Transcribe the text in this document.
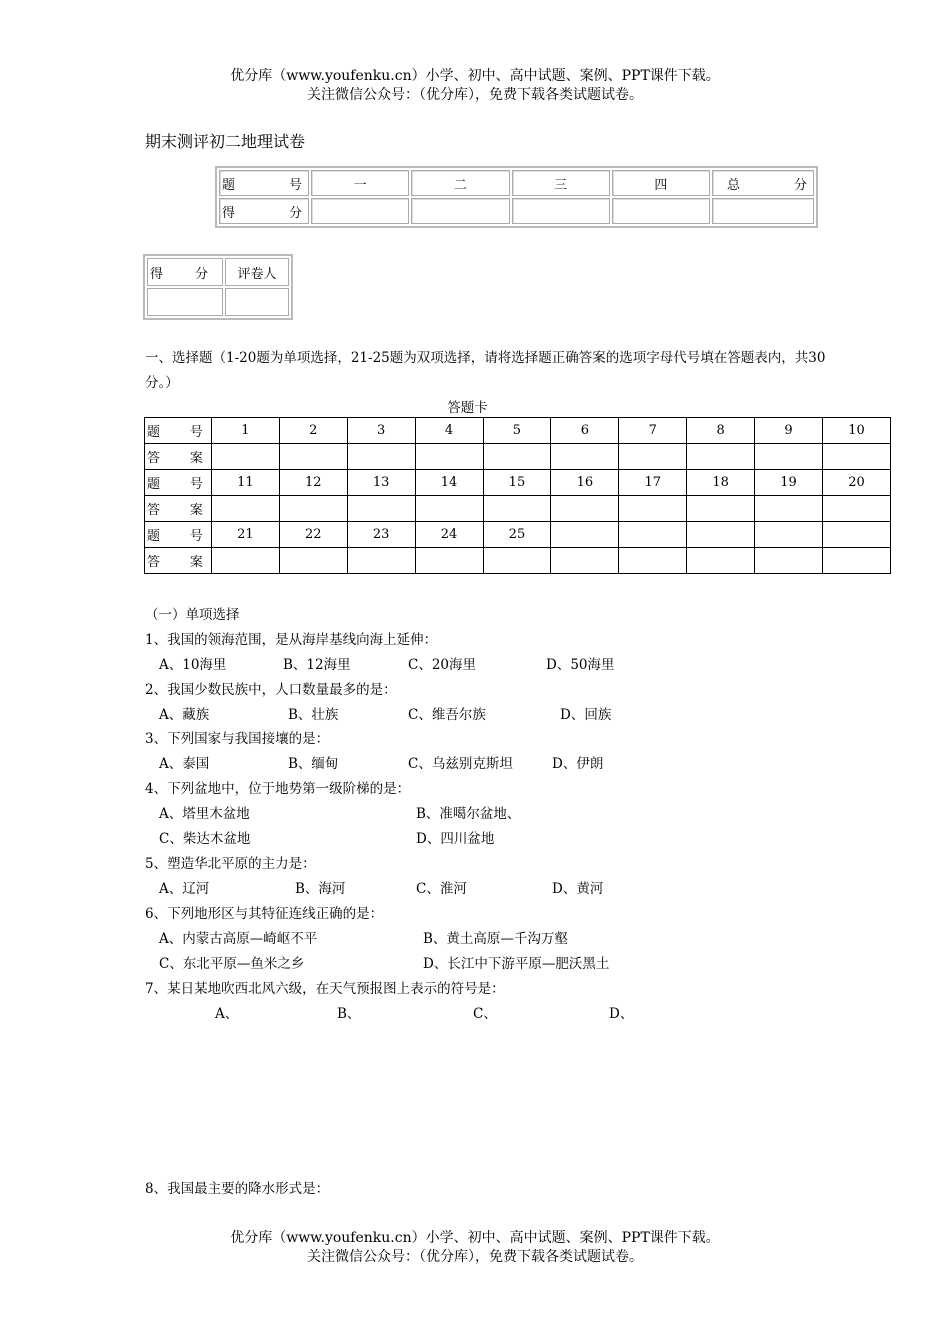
优分库（www.youfenku.cn）小学、初中、高中试题、案例、PPT课件下载。
关注微信公众号：（优分库），免费下载各类试题试卷。
期末测评初二地理试卷
题　号	一	二	三	四	总　分
得　分					
得　分	评卷人

一、选择题（1-20题为单项选择，21-25题为双项选择，请将选择题正确答案的选项字母代号填在答题表内，共30
分。）
答题卡
题　号	1	2	3	4	5	6	7	8	9	10
答　案										
题　号	11	12	13	14	15	16	17	18	19	20
答　案										
题　号	21	22	23	24	25					
答　案										
（一）单项选择
1、我国的领海范围，是从海岸基线向海上延伸：
A、10海里	B、12海里	C、20海里	D、50海里
2、我国少数民族中，人口数量最多的是：
A、藏族	B、壮族	C、维吾尔族	D、回族
3、下列国家与我国接壤的是：
A、泰国	B、缅甸	C、乌兹别克斯坦	D、伊朗
4、下列盆地中，位于地势第一级阶梯的是：
A、塔里木盆地	B、准噶尔盆地、
C、柴达木盆地	D、四川盆地
5、塑造华北平原的主力是：
A、辽河	B、海河	C、淮河	D、黄河
6、下列地形区与其特征连线正确的是：
A、内蒙古高原—崎岖不平	B、黄土高原—千沟万壑
C、东北平原—鱼米之乡	D、长江中下游平原—肥沃黑土
7、某日某地吹西北风六级，在天气预报图上表示的符号是：
A、	B、	C、	D、
8、我国最主要的降水形式是：
优分库（www.youfenku.cn）小学、初中、高中试题、案例、PPT课件下载。
关注微信公众号：（优分库），免费下载各类试题试卷。
